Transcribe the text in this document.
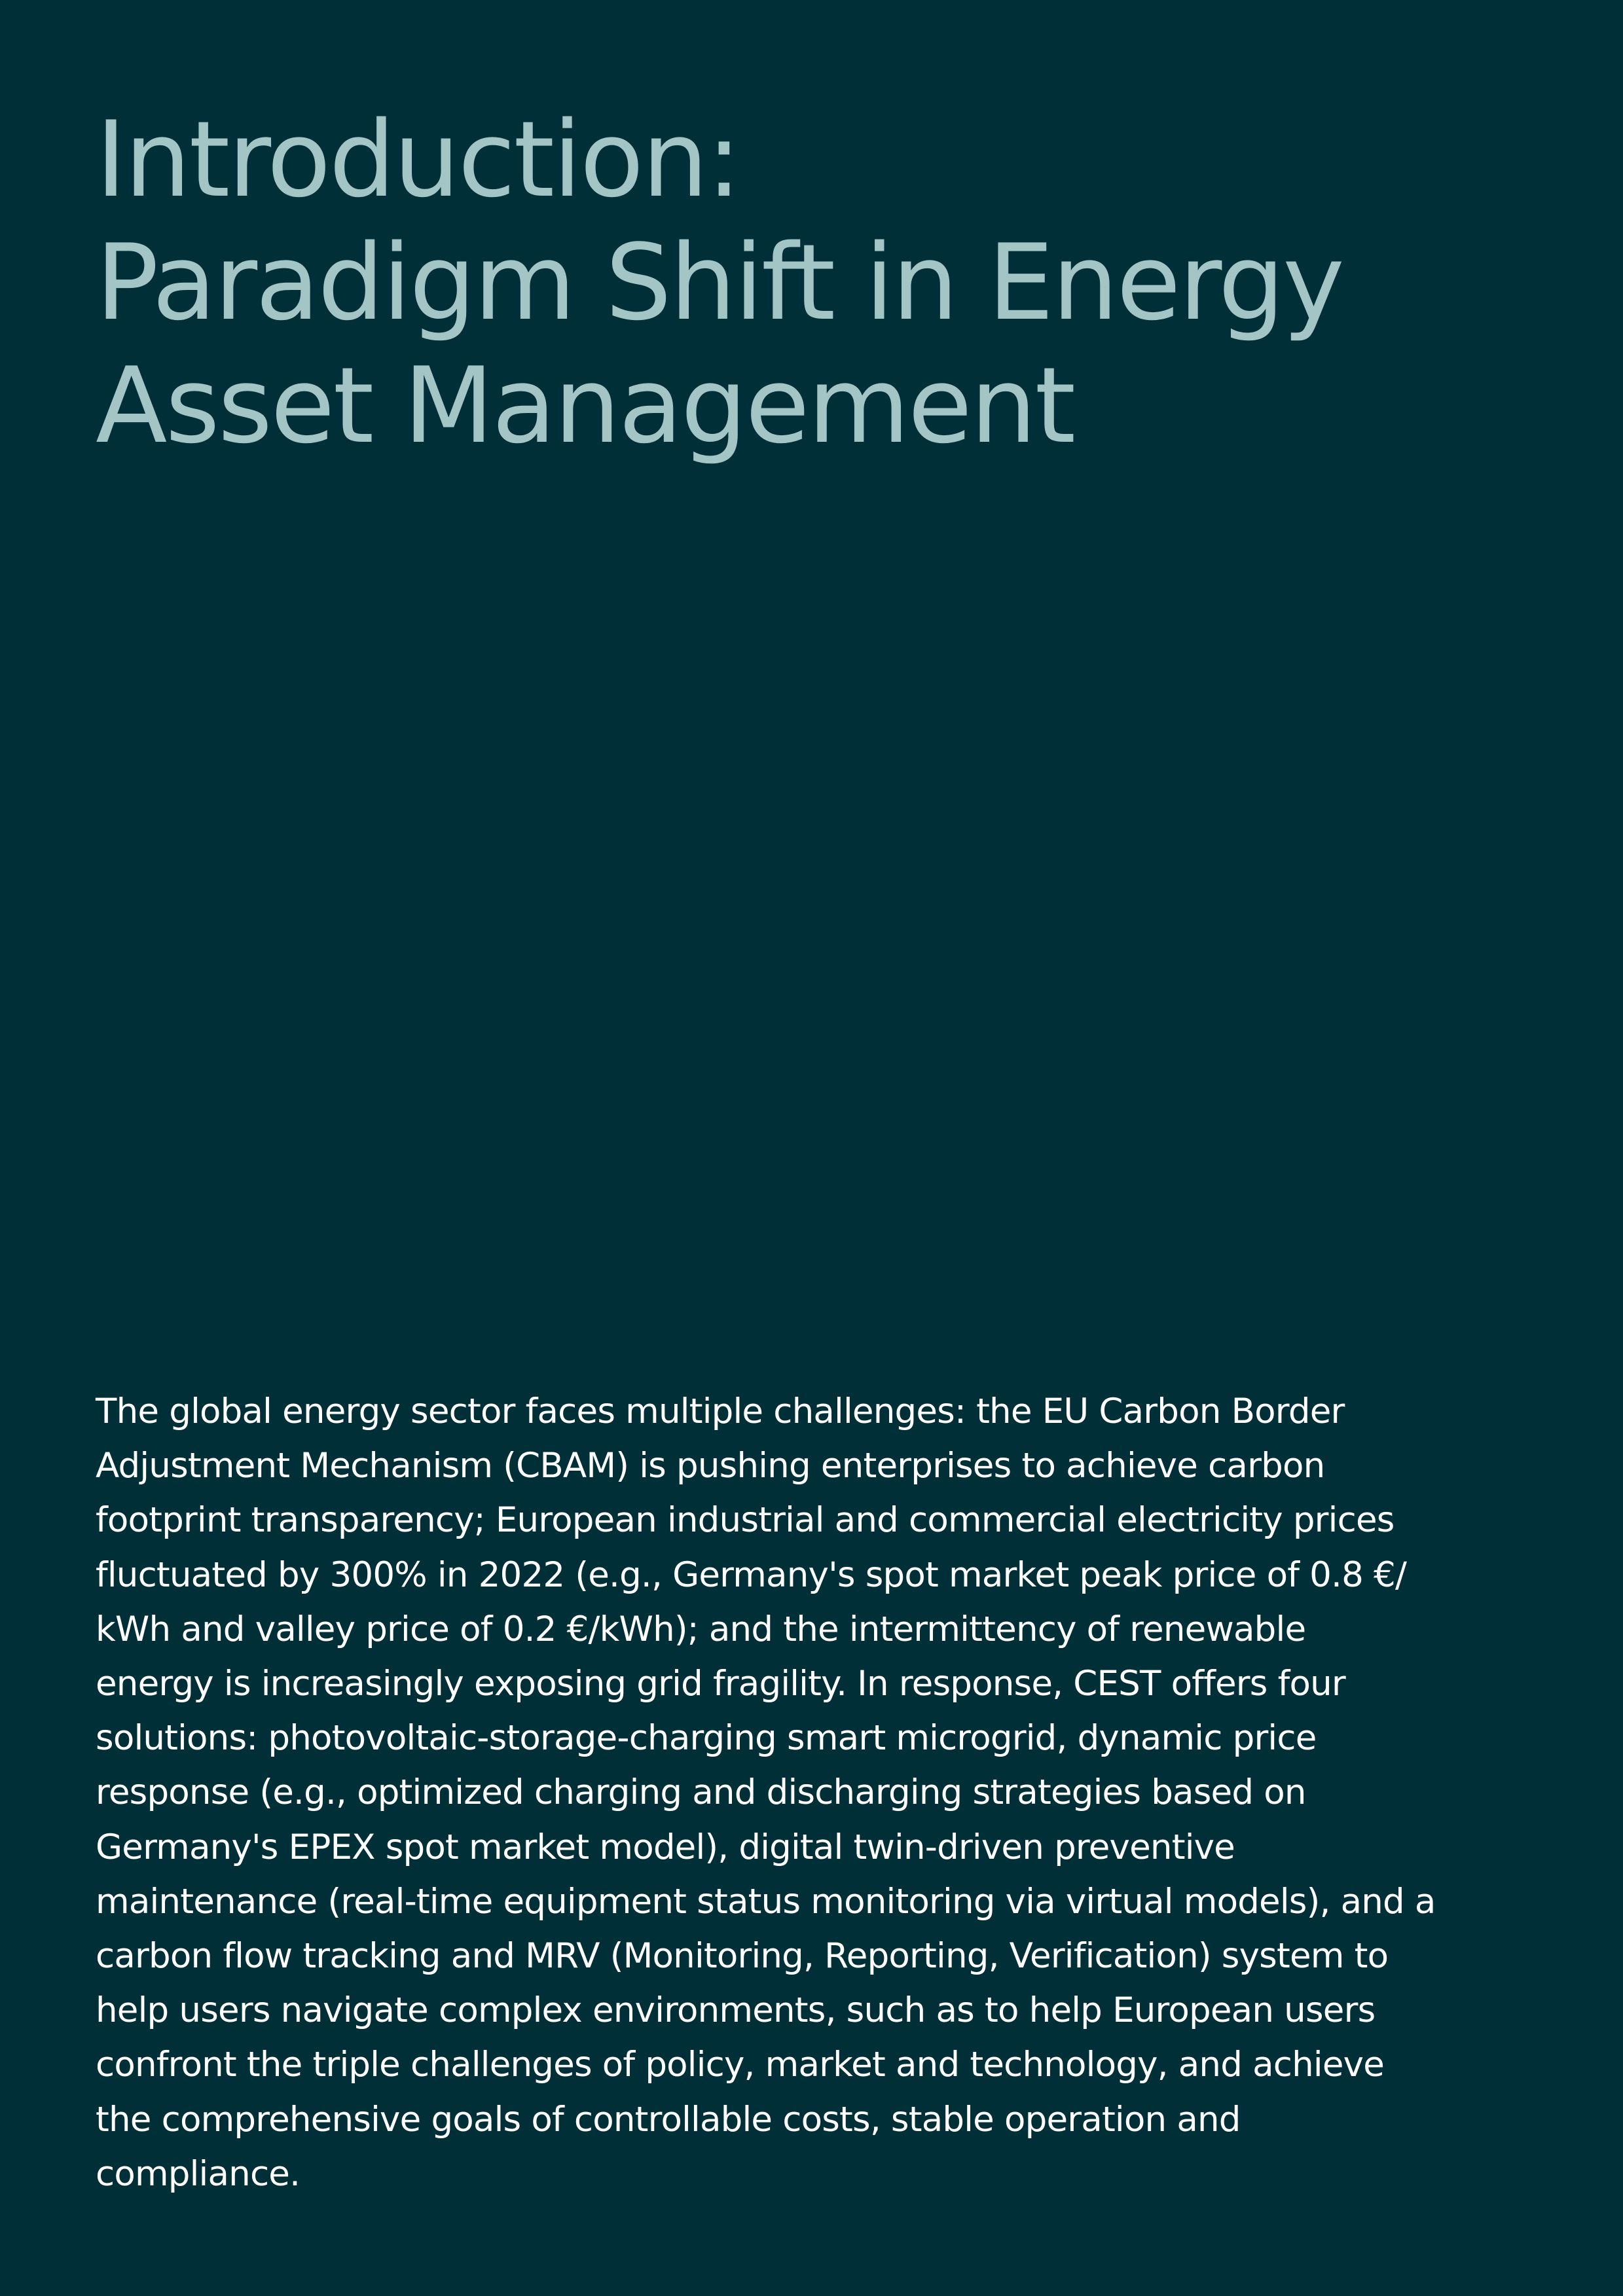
Introduction:
Paradigm Shift in Energy
Asset Management

The global energy sector faces multiple challenges: the EU Carbon Border
Adjustment Mechanism (CBAM) is pushing enterprises to achieve carbon
footprint transparency; European industrial and commercial electricity prices
fluctuated by 300% in 2022 (e.g., Germany's spot market peak price of 0.8 €/
kWh and valley price of 0.2 €/kWh); and the intermittency of renewable
energy is increasingly exposing grid fragility. In response, CEST offers four
solutions: photovoltaic-storage-charging smart microgrid, dynamic price
response (e.g., optimized charging and discharging strategies based on
Germany's EPEX spot market model), digital twin-driven preventive
maintenance (real-time equipment status monitoring via virtual models), and a
carbon flow tracking and MRV (Monitoring, Reporting, Verification) system to
help users navigate complex environments, such as to help European users
confront the triple challenges of policy, market and technology, and achieve
the comprehensive goals of controllable costs, stable operation and
compliance.
